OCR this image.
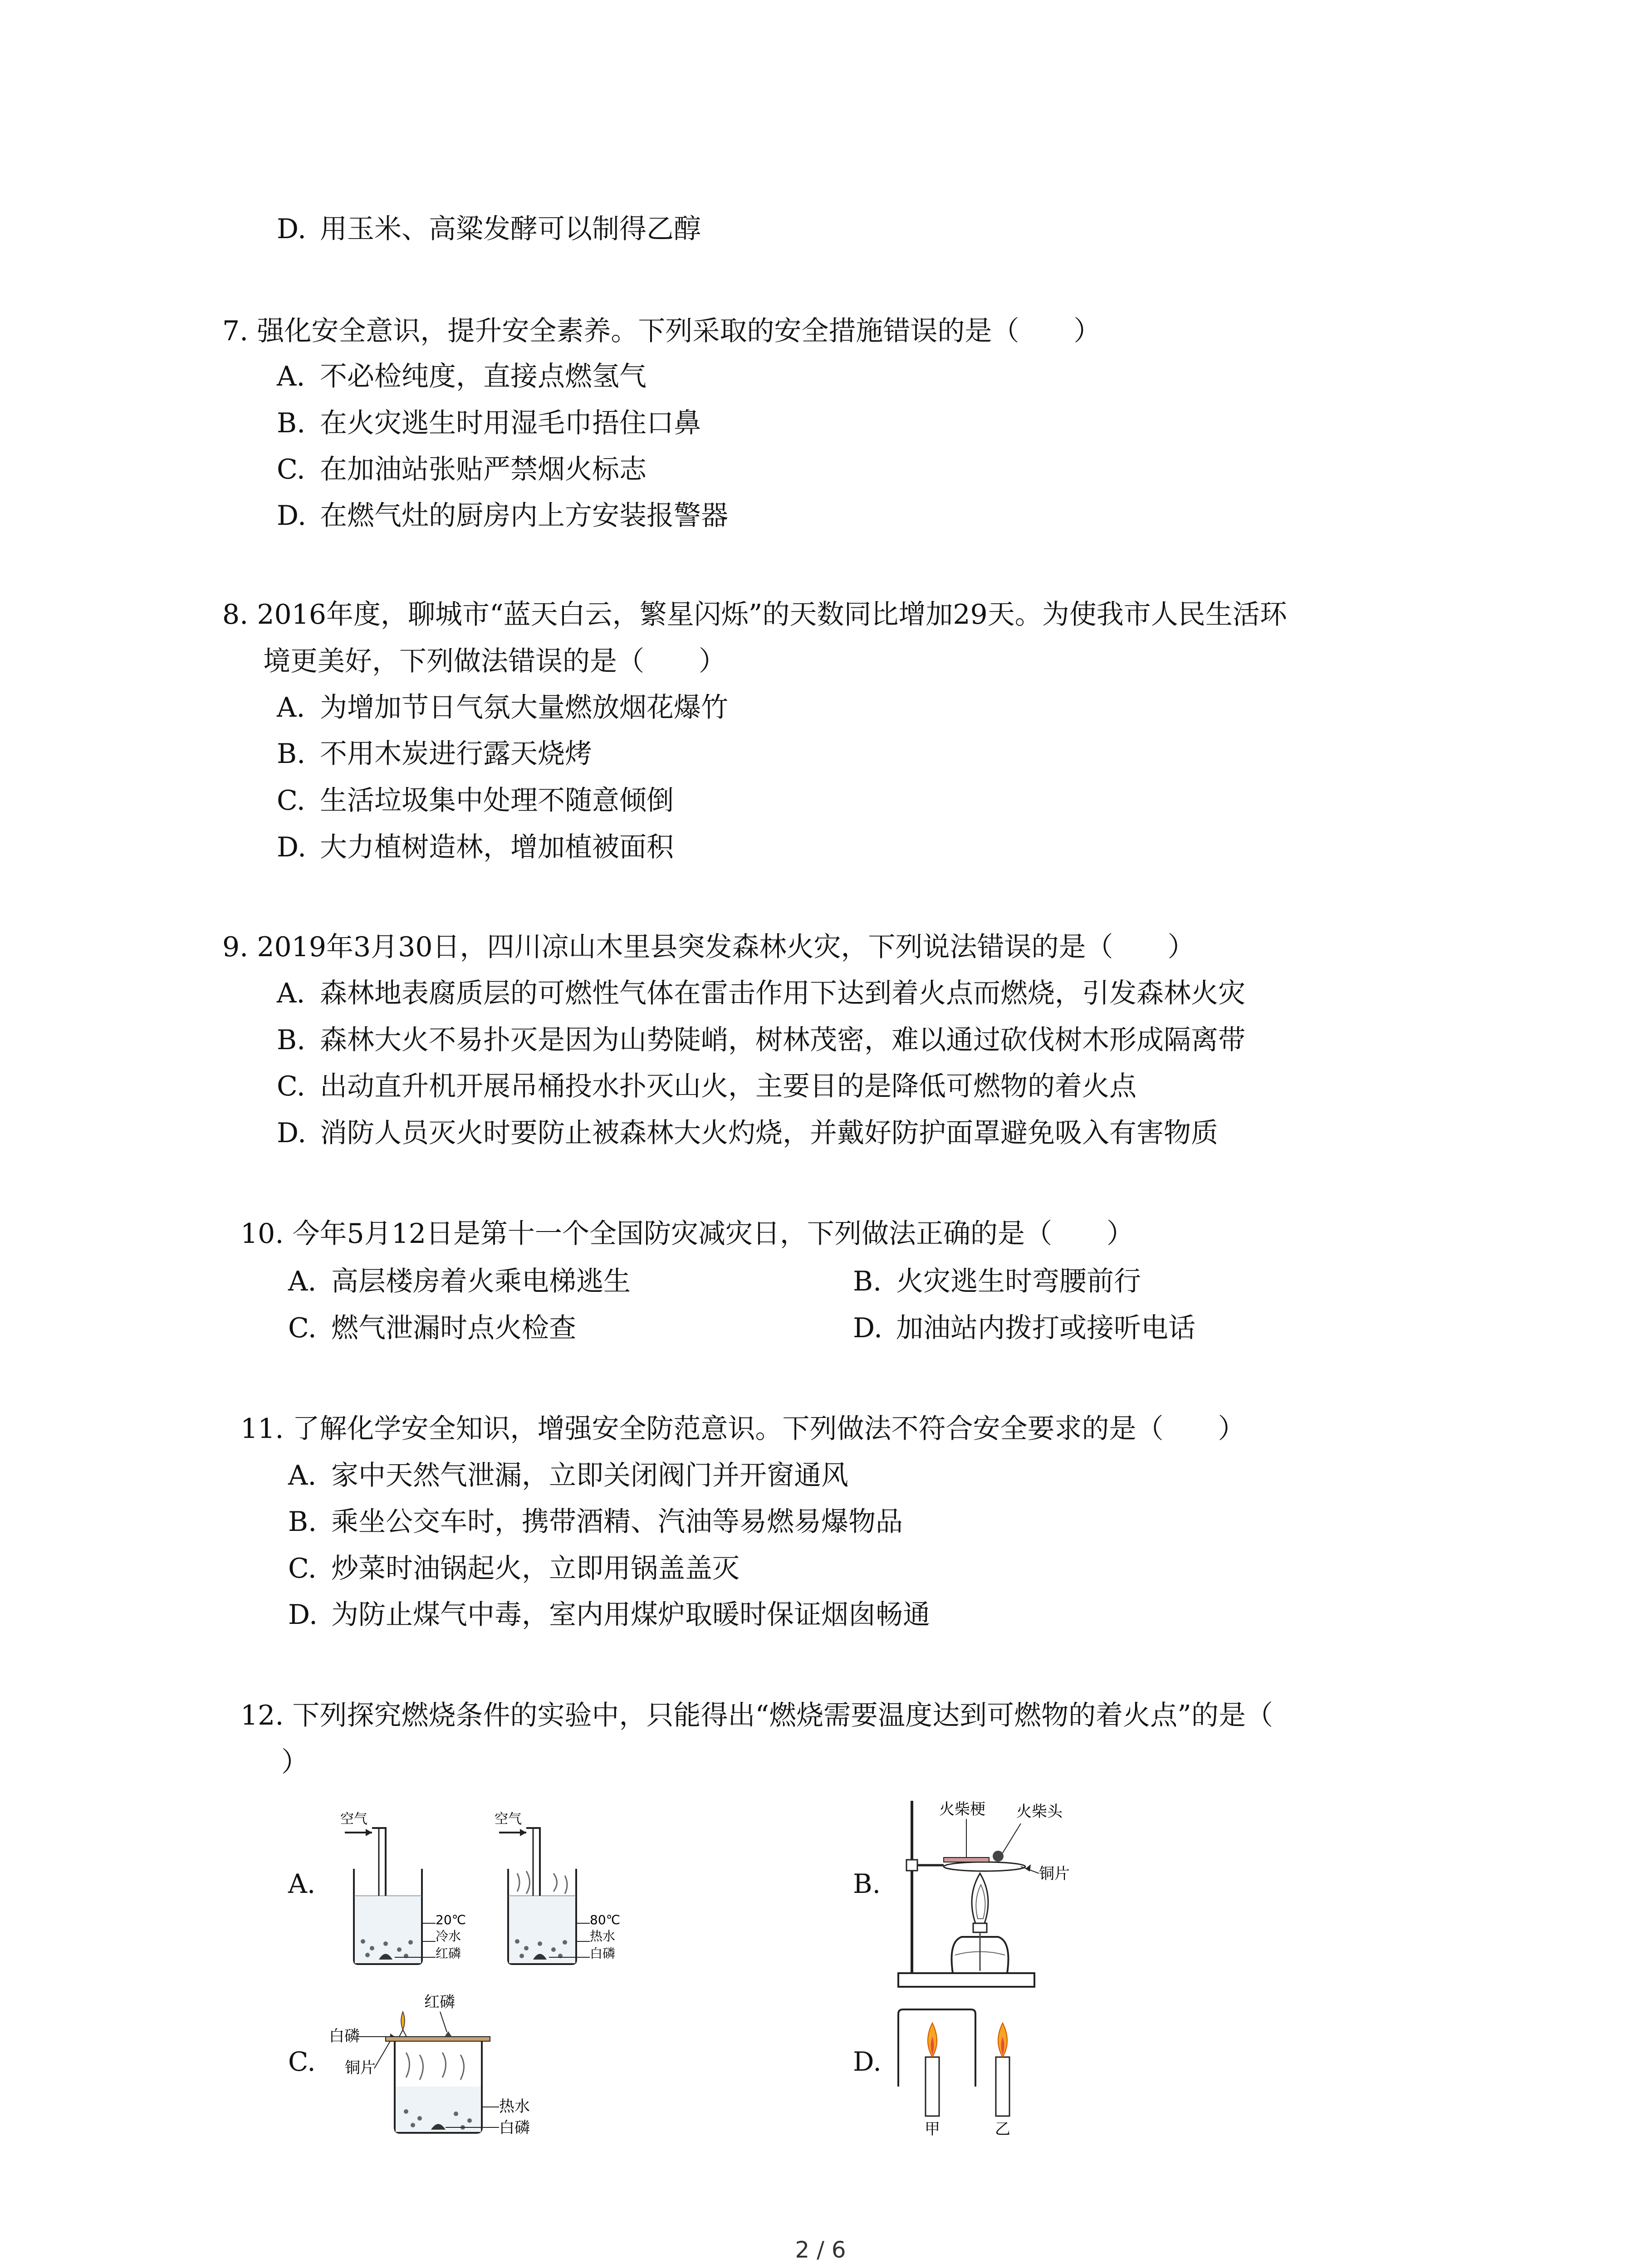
D. 用玉米、高粱发酵可以制得乙醇
7. 强化安全意识，提升安全素养。下列采取的安全措施错误的是（　　）
A. 不必检纯度，直接点燃氢气
B. 在火灾逃生时用湿毛巾捂住口鼻
C. 在加油站张贴严禁烟火标志
D. 在燃气灶的厨房内上方安装报警器
8. 2016年度，聊城市“蓝天白云，繁星闪烁”的天数同比增加29天。为使我市人民生活环
境更美好，下列做法错误的是（　　）
A. 为增加节日气氛大量燃放烟花爆竹
B. 不用木炭进行露天烧烤
C. 生活垃圾集中处理不随意倾倒
D. 大力植树造林，增加植被面积
9. 2019年3月30日，四川凉山木里县突发森林火灾，下列说法错误的是（　　）
A. 森林地表腐质层的可燃性气体在雷击作用下达到着火点而燃烧，引发森林火灾
B. 森林大火不易扑灭是因为山势陡峭，树林茂密，难以通过砍伐树木形成隔离带
C. 出动直升机开展吊桶投水扑灭山火，主要目的是降低可燃物的着火点
D. 消防人员灭火时要防止被森林大火灼烧，并戴好防护面罩避免吸入有害物质
10. 今年5月12日是第十一个全国防灾减灾日，下列做法正确的是（　　）
A. 高层楼房着火乘电梯逃生	B. 火灾逃生时弯腰前行
C. 燃气泄漏时点火检查	D. 加油站内拨打或接听电话
11. 了解化学安全知识，增强安全防范意识。下列做法不符合安全要求的是（　　）
A. 家中天然气泄漏，立即关闭阀门并开窗通风
B. 乘坐公交车时，携带酒精、汽油等易燃易爆物品
C. 炒菜时油锅起火，立即用锅盖盖灭
D. 为防止煤气中毒，室内用煤炉取暖时保证烟囱畅通
12. 下列探究燃烧条件的实验中，只能得出“燃烧需要温度达到可燃物的着火点”的是（
）
A.
空气
20℃
冷水
红磷
空气
80℃
热水
白磷
B.
火柴梗 火柴头
铜片
C.
红磷
白磷
铜片
热水
白磷
D.
甲	乙
2 / 6
